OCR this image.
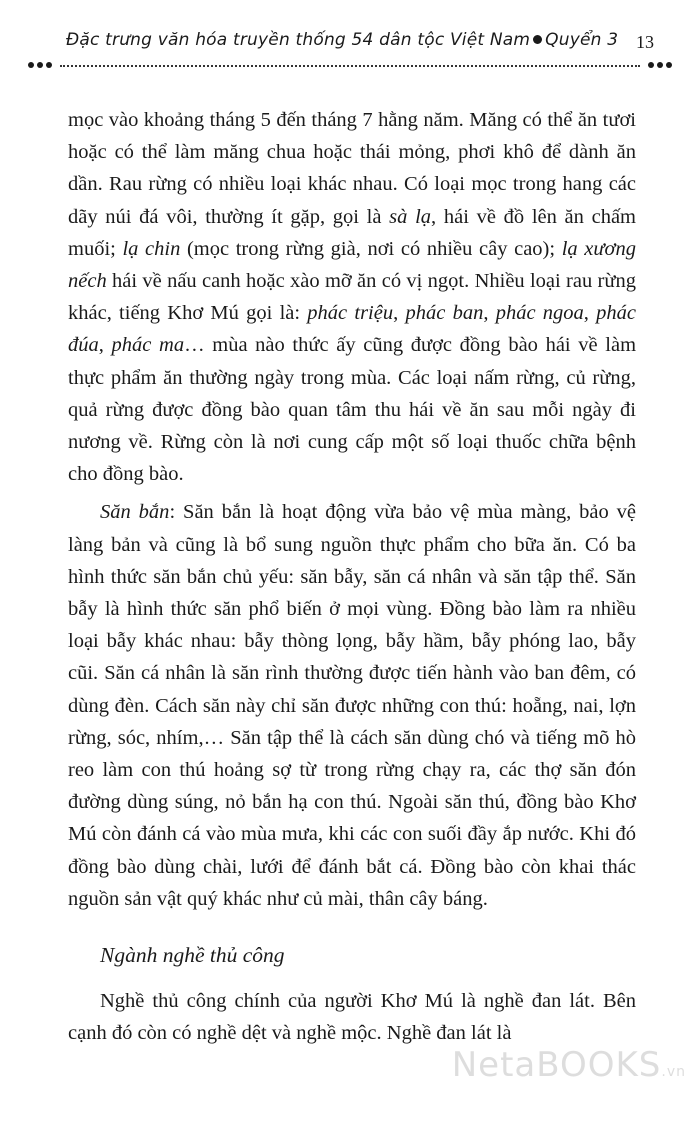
Đặc trưng văn hóa truyền thống 54 dân tộc Việt Nam Quyển 3 13

mọc vào khoảng tháng 5 đến tháng 7 hằng năm. Măng có thể ăn tươi hoặc có thể làm măng chua hoặc thái mỏng, phơi khô để dành ăn dần. Rau rừng có nhiều loại khác nhau. Có loại mọc trong hang các dãy núi đá vôi, thường ít gặp, gọi là sà lạ, hái về đồ lên ăn chấm muối; lạ chin (mọc trong rừng già, nơi có nhiều cây cao); lạ xương nếch hái về nấu canh hoặc xào mỡ ăn có vị ngọt. Nhiều loại rau rừng khác, tiếng Khơ Mú gọi là: phác triệu, phác ban, phác ngoa, phác đúa, phác ma… mùa nào thức ấy cũng được đồng bào hái về làm thực phẩm ăn thường ngày trong mùa. Các loại nấm rừng, củ rừng, quả rừng được đồng bào quan tâm thu hái về ăn sau mỗi ngày đi nương về. Rừng còn là nơi cung cấp một số loại thuốc chữa bệnh cho đồng bào.

Săn bắn: Săn bắn là hoạt động vừa bảo vệ mùa màng, bảo vệ làng bản và cũng là bổ sung nguồn thực phẩm cho bữa ăn. Có ba hình thức săn bắn chủ yếu: săn bẫy, săn cá nhân và săn tập thể. Săn bẫy là hình thức săn phổ biến ở mọi vùng. Đồng bào làm ra nhiều loại bẫy khác nhau: bẫy thòng lọng, bẫy hầm, bẫy phóng lao, bẫy cũi. Săn cá nhân là săn rình thường được tiến hành vào ban đêm, có dùng đèn. Cách săn này chỉ săn được những con thú: hoẵng, nai, lợn rừng, sóc, nhím,… Săn tập thể là cách săn dùng chó và tiếng mõ hò reo làm con thú hoảng sợ từ trong rừng chạy ra, các thợ săn đón đường dùng súng, nỏ bắn hạ con thú. Ngoài săn thú, đồng bào Khơ Mú còn đánh cá vào mùa mưa, khi các con suối đầy ắp nước. Khi đó đồng bào dùng chài, lưới để đánh bắt cá. Đồng bào còn khai thác nguồn sản vật quý khác như củ mài, thân cây báng.

Ngành nghề thủ công

Nghề thủ công chính của người Khơ Mú là nghề đan lát. Bên cạnh đó còn có nghề dệt và nghề mộc. Nghề đan lát là

NetaBOOKS.vn
